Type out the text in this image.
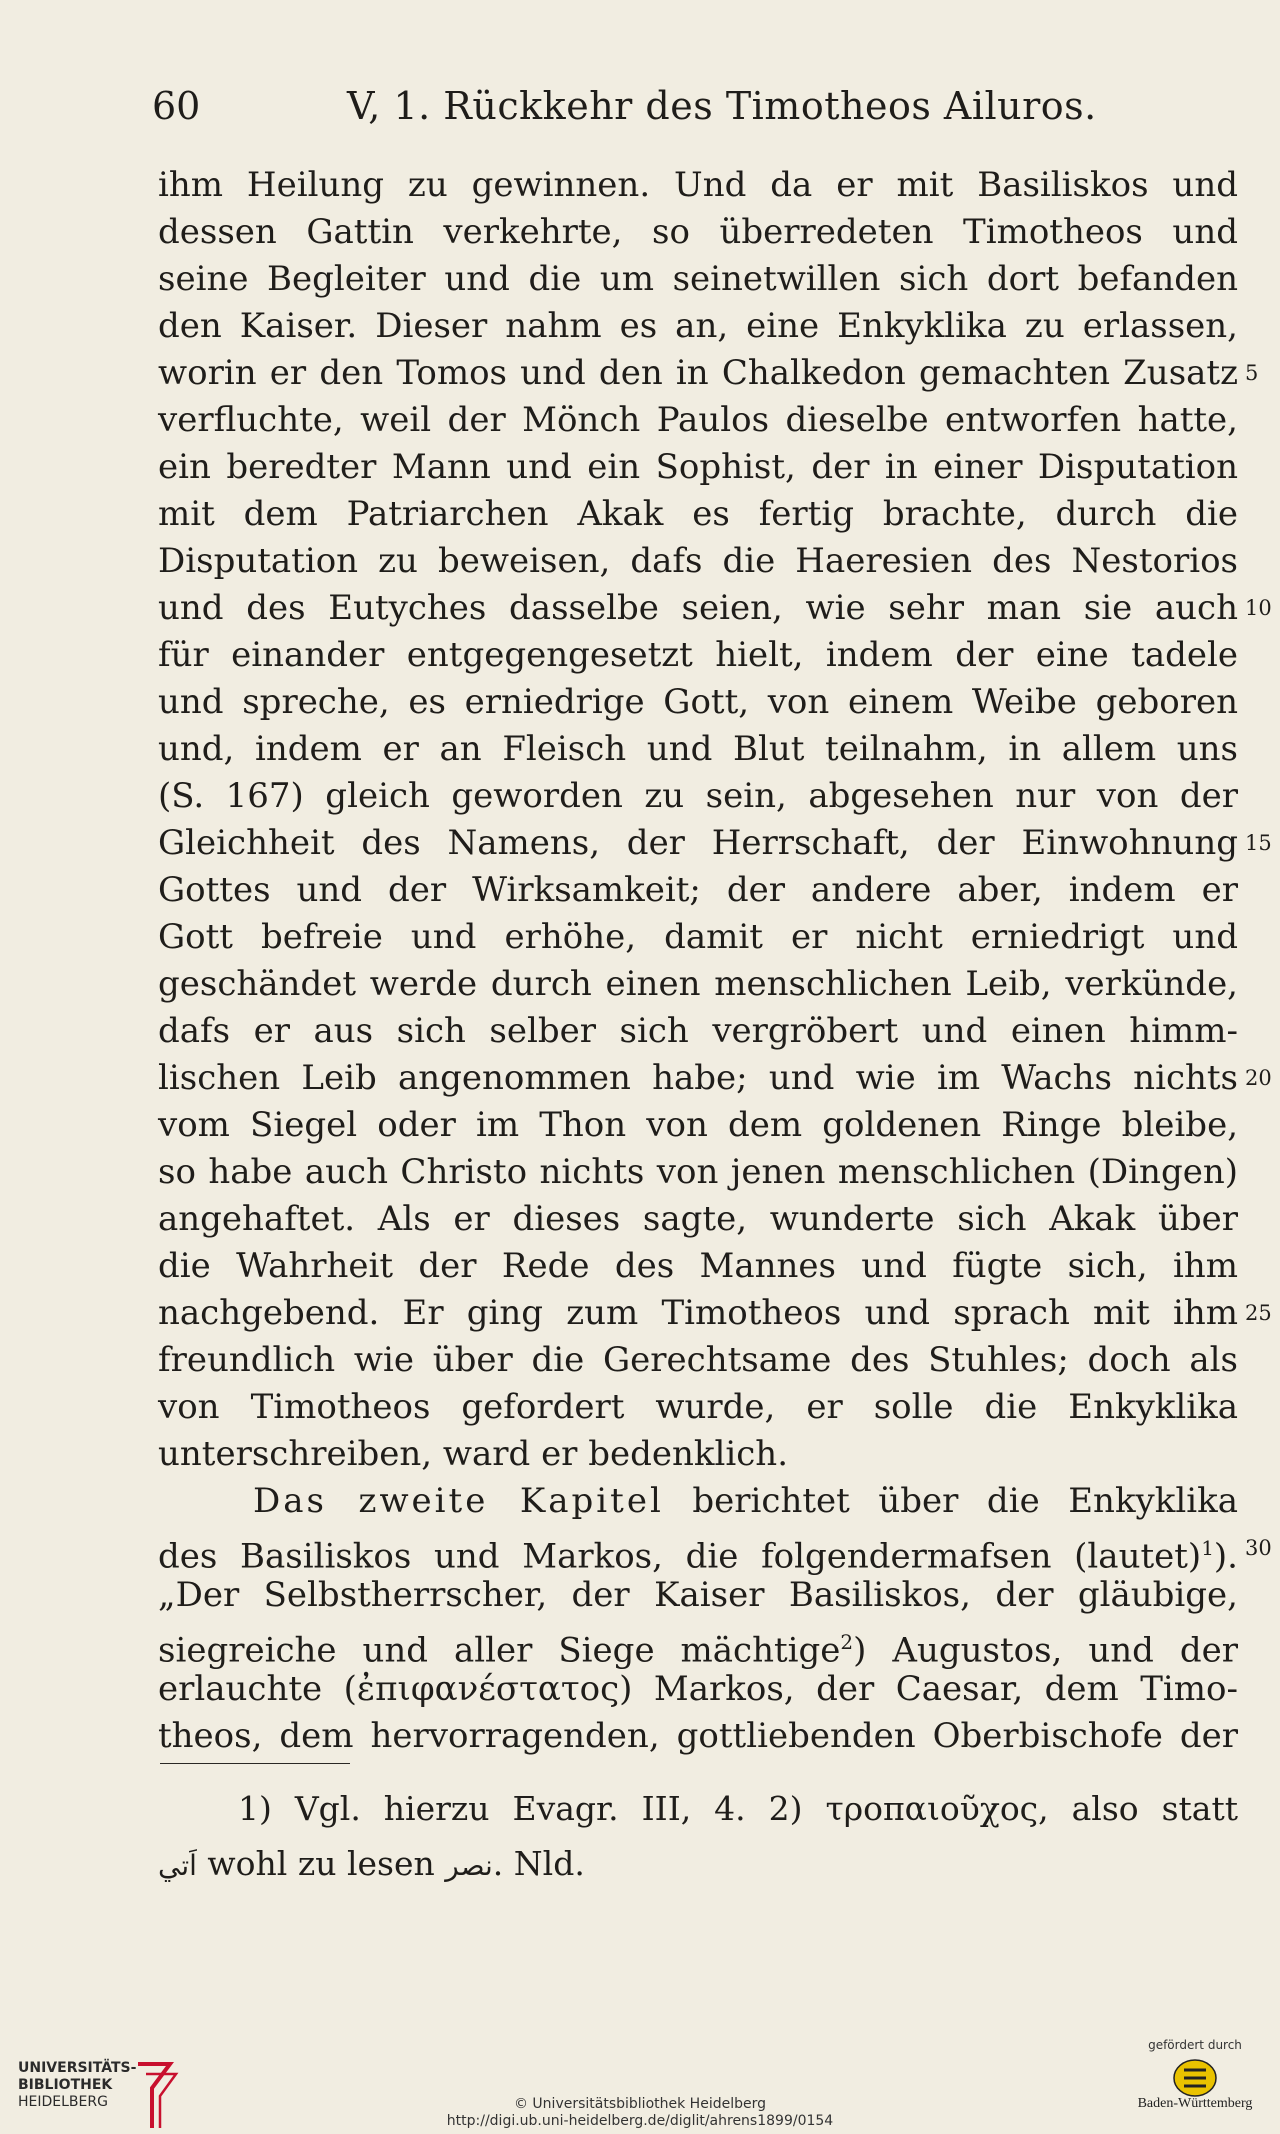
60	V, 1. Rückkehr des Timotheos Ailuros.
ihm Heilung zu gewinnen. Und da er mit Basiliskos und
dessen Gattin verkehrte, so überredeten Timotheos und
seine Begleiter und die um seinetwillen sich dort befanden
den Kaiser. Dieser nahm es an, eine Enkyklika zu erlassen,
worin er den Tomos und den in Chalkedon gemachten Zusatz
verfluchte, weil der Mönch Paulos dieselbe entworfen hatte,
ein beredter Mann und ein Sophist, der in einer Disputation
mit dem Patriarchen Akak es fertig brachte, durch die
Disputation zu beweisen, dafs die Haeresien des Nestorios
und des Eutyches dasselbe seien, wie sehr man sie auch
für einander entgegengesetzt hielt, indem der eine tadele
und spreche, es erniedrige Gott, von einem Weibe geboren
und, indem er an Fleisch und Blut teilnahm, in allem uns
(S. 167) gleich geworden zu sein, abgesehen nur von der
Gleichheit des Namens, der Herrschaft, der Einwohnung
Gottes und der Wirksamkeit; der andere aber, indem er
Gott befreie und erhöhe, damit er nicht erniedrigt und
geschändet werde durch einen menschlichen Leib, verkünde,
dafs er aus sich selber sich vergröbert und einen himm-
lischen Leib angenommen habe; und wie im Wachs nichts
vom Siegel oder im Thon von dem goldenen Ringe bleibe,
so habe auch Christo nichts von jenen menschlichen (Dingen)
angehaftet. Als er dieses sagte, wunderte sich Akak über
die Wahrheit der Rede des Mannes und fügte sich, ihm
nachgebend. Er ging zum Timotheos und sprach mit ihm
freundlich wie über die Gerechtsame des Stuhles; doch als
von Timotheos gefordert wurde, er solle die Enkyklika
unterschreiben, ward er bedenklich.
Das zweite Kapitel berichtet über die Enkyklika
des Basiliskos und Markos, die folgendermafsen (lautet)$^1$).
„Der Selbstherrscher, der Kaiser Basiliskos, der gläubige,
siegreiche und aller Siege mächtige$^2$) Augustos, und der
erlauchte (ἐπιφανέστατος) Markos, der Caesar, dem Timo-
theos, dem hervorragenden, gottliebenden Oberbischofe der
5
10
15
20
25
30
1) Vgl. hierzu Evagr. III, 4. 2) τροπαιοῦχος, also statt
اَتي wohl zu lesen نصر. Nld.
UNIVERSITÄTS-
BIBLIOTHEK
HEIDELBERG	© Universitätsbibliothek Heidelberg
http://digi.ub.uni-heidelberg.de/diglit/ahrens1899/0154
gefördert durch
Baden-Württemberg
